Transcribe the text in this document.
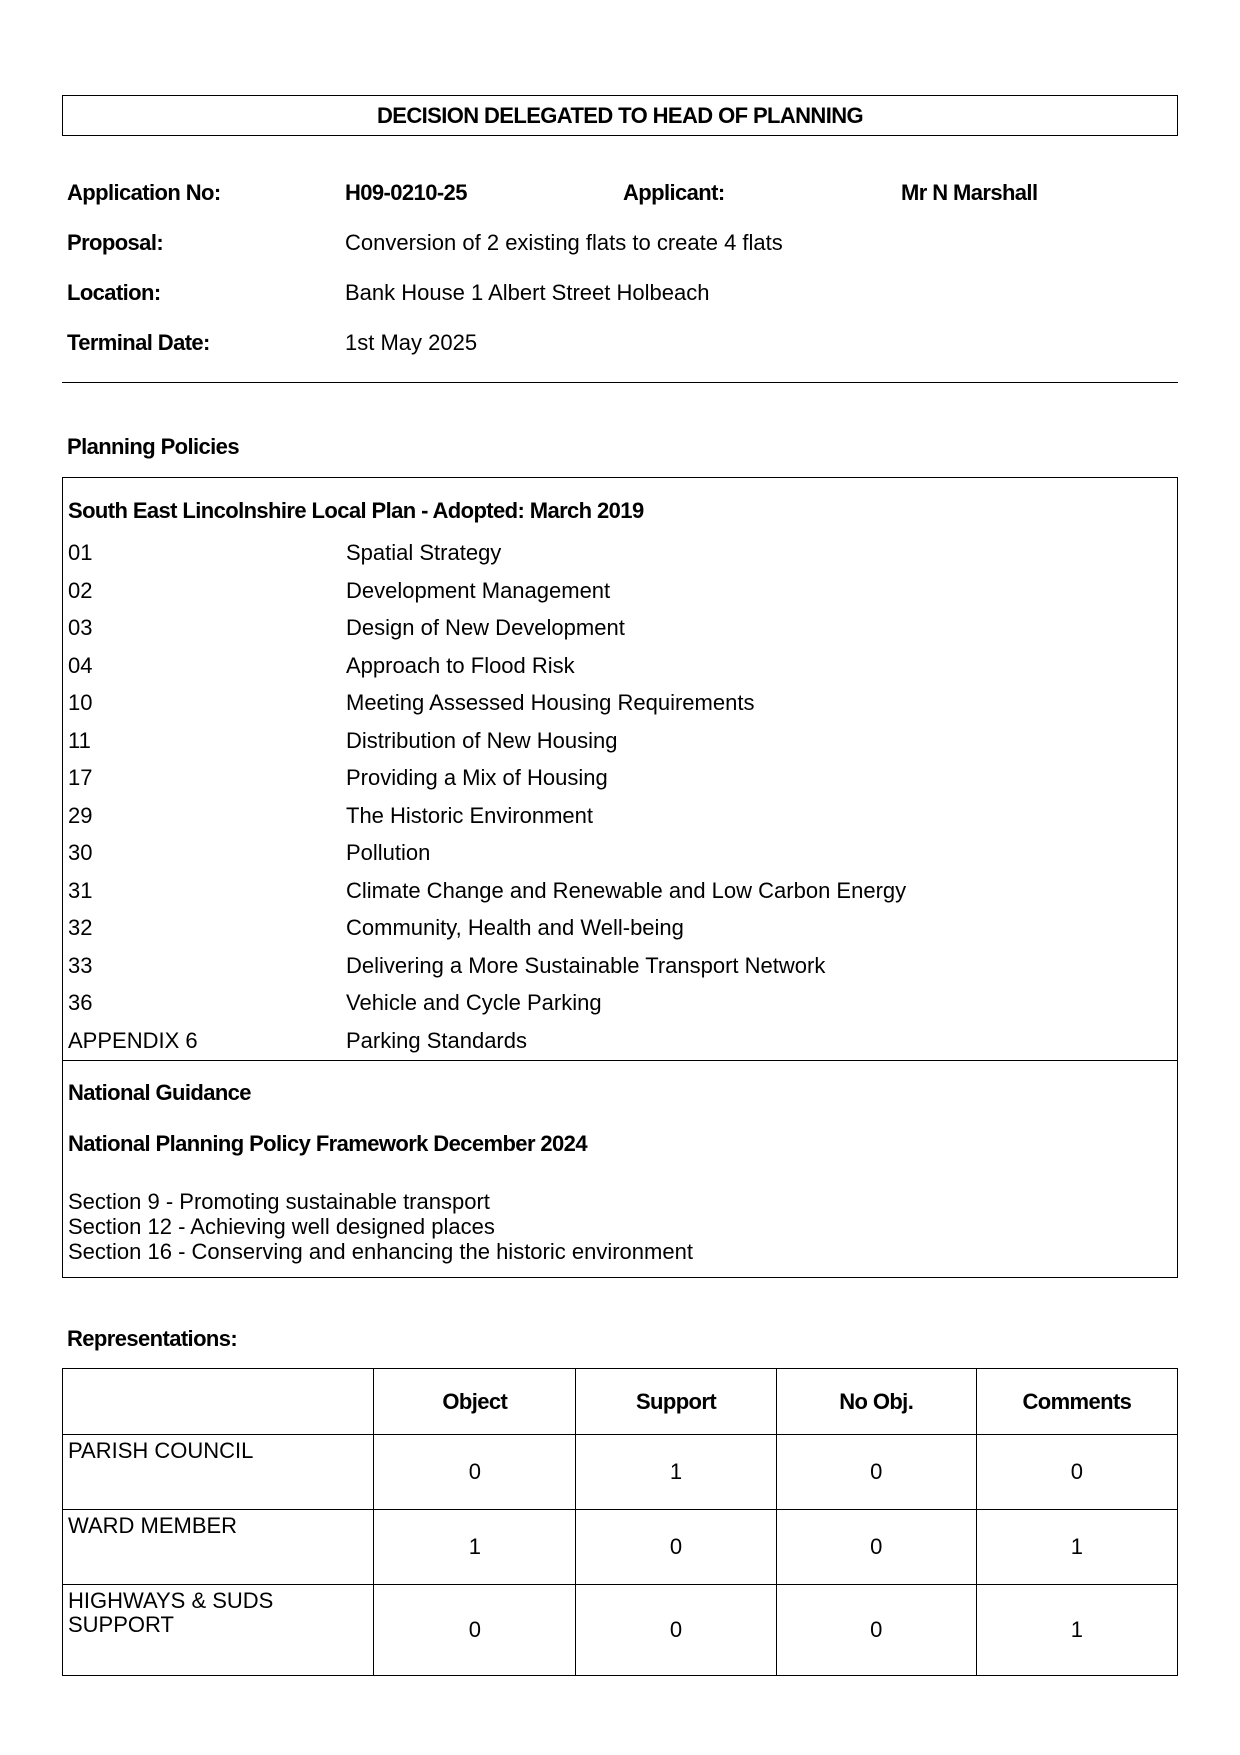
DECISION DELEGATED TO HEAD OF PLANNING
Application No:	H09-0210-25	Applicant:	Mr N Marshall
Proposal:	Conversion of 2 existing flats to create 4 flats
Location:	Bank House 1 Albert Street Holbeach
Terminal Date:	1st May 2025
Planning Policies
South East Lincolnshire Local Plan - Adopted: March 2019
National Guidance
National Planning Policy Framework December 2024
Section 9 - Promoting sustainable transport
Section 12 - Achieving well designed places
Section 16 - Conserving and enhancing the historic environment
01	Spatial Strategy
02	Development Management
03	Design of New Development
04	Approach to Flood Risk
10	Meeting Assessed Housing Requirements
11	Distribution of New Housing
17	Providing a Mix of Housing
29	The Historic Environment
30	Pollution
31	Climate Change and Renewable and Low Carbon Energy
32	Community, Health and Well-being
33	Delivering a More Sustainable Transport Network
36	Vehicle and Cycle Parking
APPENDIX 6	Parking Standards
Representations:
	Object	Support	No Obj.	Comments
PARISH COUNCIL	0	1	0	0
WARD MEMBER	1	0	0	1
HIGHWAYS & SUDS SUPPORT	0	0	0	1
